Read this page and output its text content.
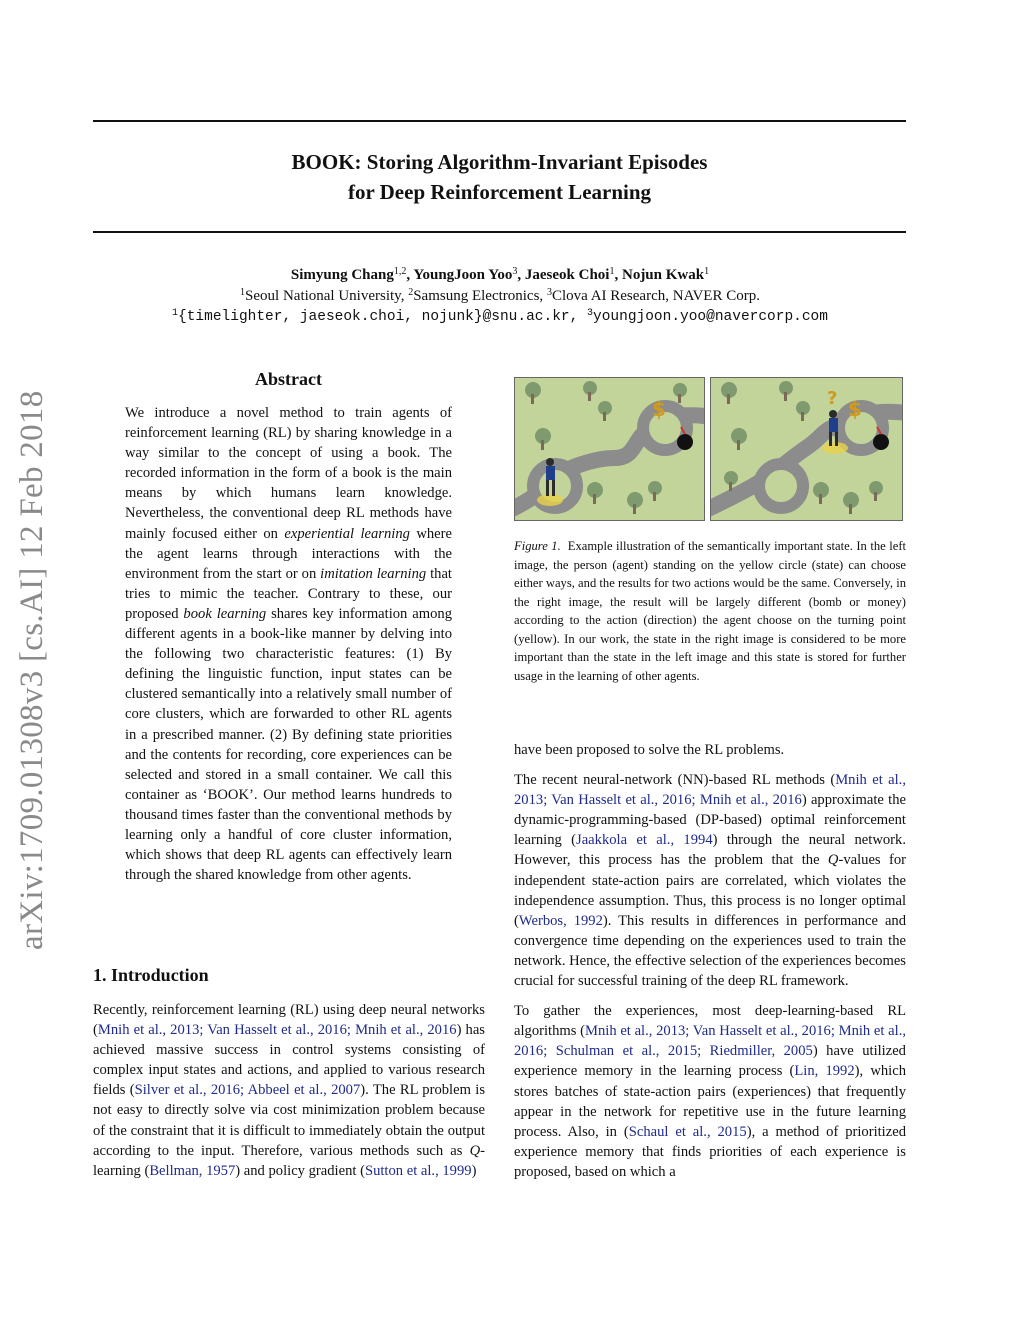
BOOK: Storing Algorithm-Invariant Episodes
for Deep Reinforcement Learning
Simyung Chang$^{1,2}$, YoungJoon Yoo$^3$, Jaeseok Choi$^1$, Nojun Kwak$^1$
$^1$Seoul National University, $^2$Samsung Electronics, $^3$Clova AI Research, NAVER Corp.
$^1${timelighter, jaeseok.choi, nojunk}@snu.ac.kr, $^3$youngjoon.yoo@navercorp.com
arXiv:1709.01308v3 [cs.AI] 12 Feb 2018
Abstract
We introduce a novel method to train agents of reinforcement learning (RL) by sharing knowledge in a way similar to the concept of using a book. The recorded information in the form of a book is the main means by which humans learn knowledge. Nevertheless, the conventional deep RL methods have mainly focused either on experiential learning where the agent learns through interactions with the environment from the start or on imitation learning that tries to mimic the teacher. Contrary to these, our proposed book learning shares key information among different agents in a book-like manner by delving into the following two characteristic features: (1) By defining the linguistic function, input states can be clustered semantically into a relatively small number of core clusters, which are forwarded to other RL agents in a prescribed manner. (2) By defining state priorities and the contents for recording, core experiences can be selected and stored in a small container. We call this container as ‘BOOK’. Our method learns hundreds to thousand times faster than the conventional methods by learning only a handful of core cluster information, which shows that deep RL agents can effectively learn through the shared knowledge from other agents.
1. Introduction

Recently, reinforcement learning (RL) using deep neural networks (Mnih et al., 2013; Van Hasselt et al., 2016; Mnih et al., 2016) has achieved massive success in control systems consisting of complex input states and actions, and applied to various research fields (Silver et al., 2016; Abbeel et al., 2007). The RL problem is not easy to directly solve via cost minimization problem because of the constraint that it is difficult to immediately obtain the output according to the input. Therefore, various methods such as Q-learning (Bellman, 1957) and policy gradient (Sutton et al., 1999)

$	? $
Figure 1. Example illustration of the semantically important state. In the left image, the person (agent) standing on the yellow circle (state) can choose either ways, and the results for two actions would be the same. Conversely, in the right image, the result will be largely different (bomb or money) according to the action (direction) the agent choose on the turning point (yellow). In our work, the state in the right image is considered to be more important than the state in the left image and this state is stored for further usage in the learning of other agents.

have been proposed to solve the RL problems.

The recent neural-network (NN)-based RL methods (Mnih et al., 2013; Van Hasselt et al., 2016; Mnih et al., 2016) approximate the dynamic-programming-based (DP-based) optimal reinforcement learning (Jaakkola et al., 1994) through the neural network. However, this process has the problem that the Q-values for independent state-action pairs are correlated, which violates the independence assumption. Thus, this process is no longer optimal (Werbos, 1992). This results in differences in performance and convergence time depending on the experiences used to train the network. Hence, the effective selection of the experiences becomes crucial for successful training of the deep RL framework.

To gather the experiences, most deep-learning-based RL algorithms (Mnih et al., 2013; Van Hasselt et al., 2016; Mnih et al., 2016; Schulman et al., 2015; Riedmiller, 2005) have utilized experience memory in the learning process (Lin, 1992), which stores batches of state-action pairs (experiences) that frequently appear in the network for repetitive use in the future learning process. Also, in (Schaul et al., 2015), a method of prioritized experience memory that finds priorities of each experience is proposed, based on which a
